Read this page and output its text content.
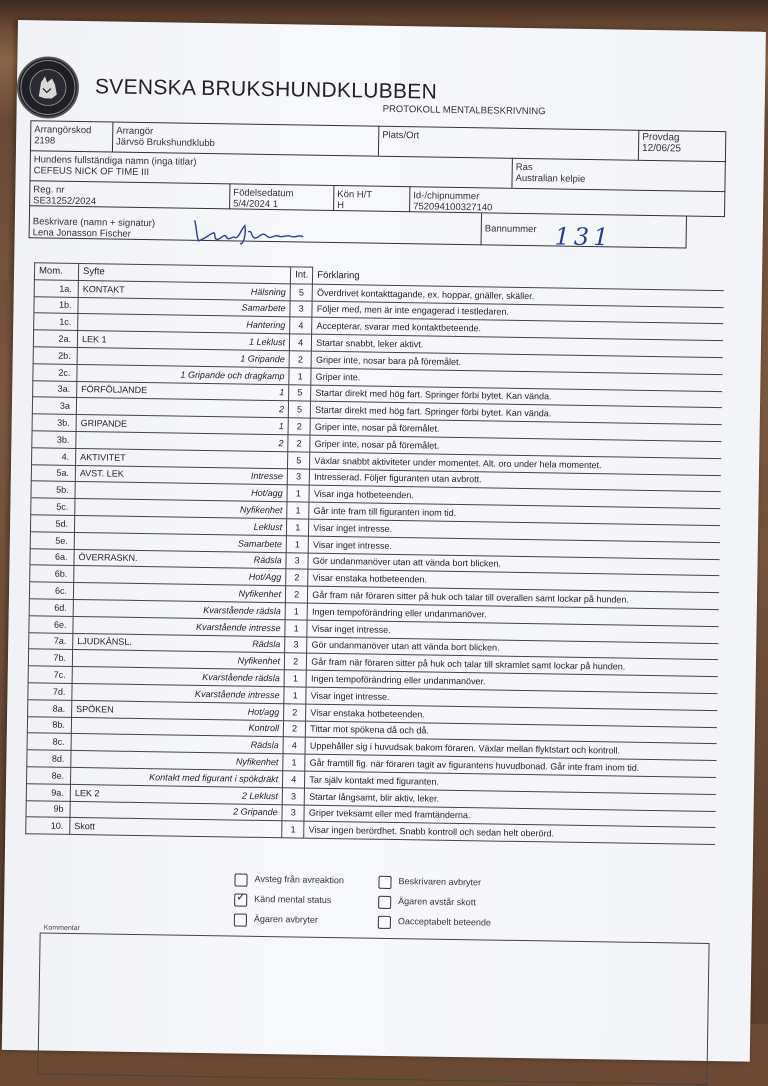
SVENSKA BRUKSHUNDKLUBBEN
PROTOKOLL MENTALBESKRIVNING
Arrangörskod
2198
Arrangör
Järvsö Brukshundklubb
Plats/Ort	Provdag
12/06/25
Hundens fullständiga namn (inga titlar)
CEFEUS NICK OF TIME III	Ras
Australian kelpie
Reg. nr
SE31252/2024
Födelsedatum
5/4/2024 1
Kön H/T
H
Id-/chipnummer
752094100327140
Beskrivare (namn + signatur)
Lena Jonasson Fischer	Bannummer 131
Mom.	Syfte		Int.	Förklaring
1a.	KONTAKT	Hälsning	5	Överdrivet kontakttagande, ex. hoppar, gnäller, skäller.
1b.		Samarbete	3	Följer med, men är inte engagerad i testledaren.
1c.		Hantering	4	Accepterar, svarar med kontaktbeteende.
2a.	LEK 1	1 Leklust	4	Startar snabbt, leker aktivt.
2b.		1 Gripande	2	Griper inte, nosar bara på föremålet.
2c.		1 Gripande och dragkamp	1	Griper inte.
3a.	FÖRFÖLJANDE	1	5	Startar direkt med hög fart. Springer förbi bytet. Kan vända.
3a		2	5	Startar direkt med hög fart. Springer förbi bytet. Kan vända.
3b.	GRIPANDE	1	2	Griper inte, nosar på föremålet.
3b.		2	2	Griper inte, nosar på föremålet.
4.	AKTIVITET		5	Växlar snabbt aktiviteter under momentet. Alt. oro under hela momentet.
5a.	AVST. LEK	Intresse	3	Intresserad. Följer figuranten utan avbrott.
5b.		Hot/agg	1	Visar inga hotbeteenden.
5c.		Nyfikenhet	1	Går inte fram till figuranten inom tid.
5d.		Leklust	1	Visar inget intresse.
5e.		Samarbete	1	Visar inget intresse.
6a.	ÖVERRASKN.	Rädsla	3	Gör undanmanöver utan att vända bort blicken.
6b.		Hot/Agg	2	Visar enstaka hotbeteenden.
6c.		Nyfikenhet	2	Går fram när föraren sitter på huk och talar till overallen samt lockar på hunden.
6d.		Kvarstående rädsla	1	Ingen tempoförändring eller undanmanöver.
6e.		Kvarstående intresse	1	Visar inget intresse.
7a.	LJUDKÄNSL.	Rädsla	3	Gör undanmanöver utan att vända bort blicken.
7b.		Nyfikenhet	2	Går fram när föraren sitter på huk och talar till skramlet samt lockar på hunden.
7c.		Kvarstående rädsla	1	Ingen tempoförändring eller undanmanöver.
7d.		Kvarstående intresse	1	Visar inget intresse.
8a.	SPÖKEN	Hot/agg	2	Visar enstaka hotbeteenden.
8b.		Kontroll	2	Tittar mot spökena då och då.
8c.		Rädsla	4	Uppehåller sig i huvudsak bakom föraren. Växlar mellan flyktstart och kontroll.
8d.		Nyfikenhet	1	Går framtill fig. när föraren tagit av figurantens huvudbonad. Går inte fram inom tid.
8e.		Kontakt med figurant i spökdräkt	4	Tar själv kontakt med figuranten.
9a.	LEK 2	2 Leklust	3	Startar långsamt, blir aktiv, leker.
9b		2 Gripande	3	Griper tveksamt eller med framtänderna.
10.	Skott		1	Visar ingen berördhet. Snabb kontroll och sedan helt oberörd.
Avsteg från avreaktion	Beskrivaren avbryter
✓ Känd mental status	Ägaren avstår skott
Ägaren avbryter	Oacceptabelt beteende
Kommentar
